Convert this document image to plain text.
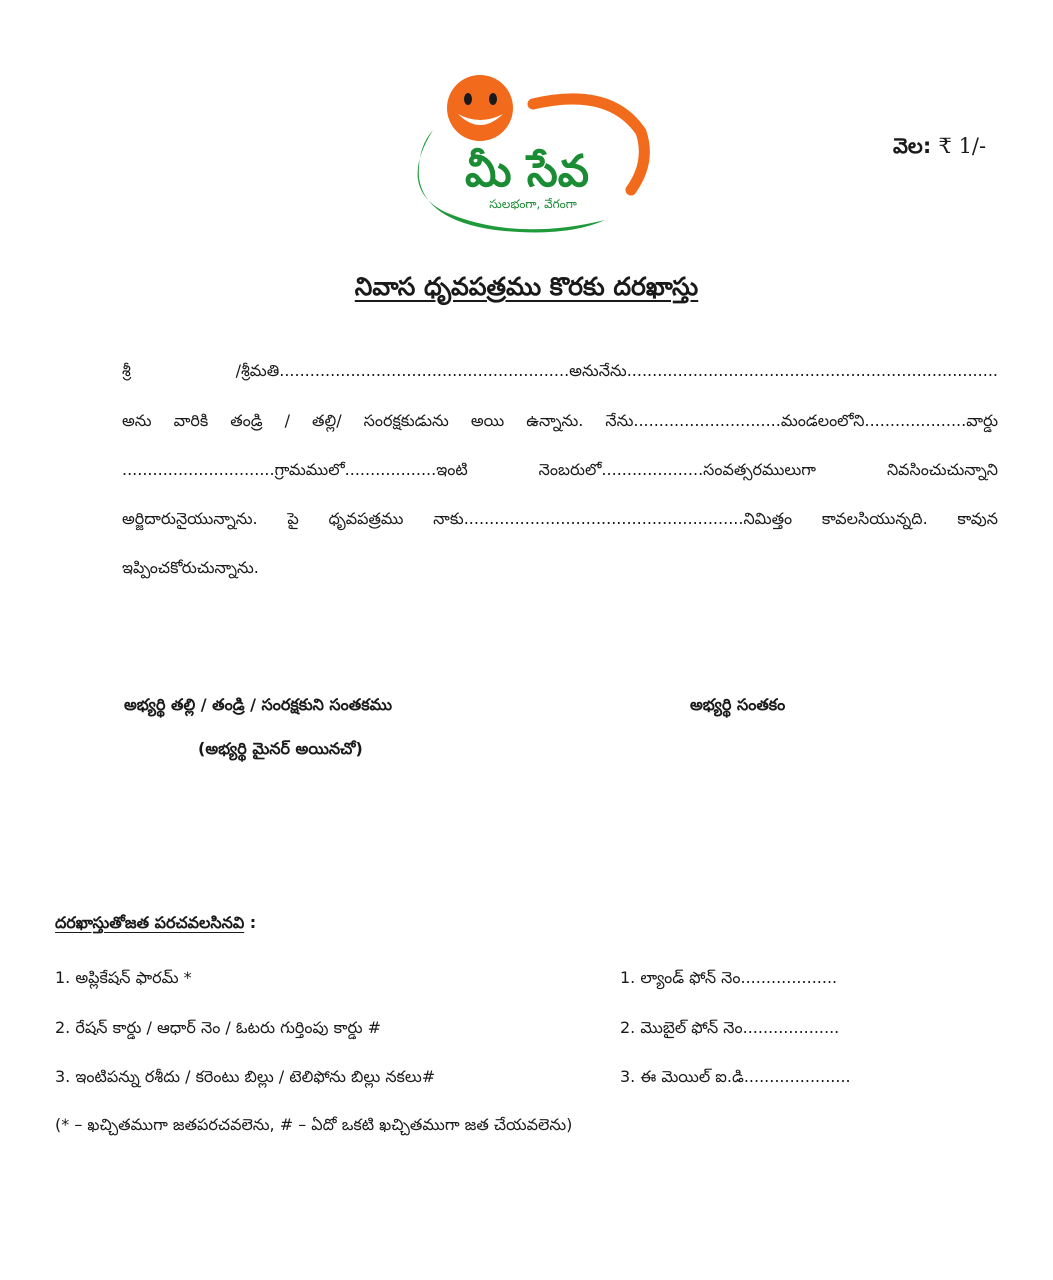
మీ సేవ
సులభంగా, వేగంగా
వెల: ₹ 1/-
నివాస ధృవపత్రము కొరకు దరఖాస్తు
శ్రీ /శ్రీమతి.........................................................అనునేను.........................................................................
అను వారికి తండ్రి / తల్లి/ సంరక్షకుడును అయి ఉన్నాను. నేను.............................మండలంలోని....................వార్డు
..............................గ్రామములో..................ఇంటి నెంబరులో....................సంవత్సరములుగా నివసించుచున్నాని
అర్జిదారునైయున్నాను. పై ధృవపత్రము నాకు.......................................................నిమిత్తం కావలసియున్నది. కావున
ఇప్పించకోరుచున్నాను.
అభ్యర్థి తల్లి / తండ్రి / సంరక్షకుని సంతకము
(అభ్యర్థి మైనర్ అయినచో)
అభ్యర్థి సంతకం
దరఖాస్తుతోజత పరచవలసినవి :
1. అప్లికేషన్ ఫారమ్ *
2. రేషన్ కార్డు / ఆధార్ నెం / ఓటరు గుర్తింపు కార్డు #
3. ఇంటిపన్ను రశీదు / కరెంటు బిల్లు / టెలిఫోను బిల్లు నకలు#
1. ల్యాండ్ ఫోన్ నెం...................
2. మొబైల్ ఫోన్ నెం...................
3. ఈ మెయిల్ ఐ.డి.....................
(* – ఖచ్చితముగా జతపరచవలెను, # – ఏదో ఒకటి ఖచ్చితముగా జత చేయవలెను)
